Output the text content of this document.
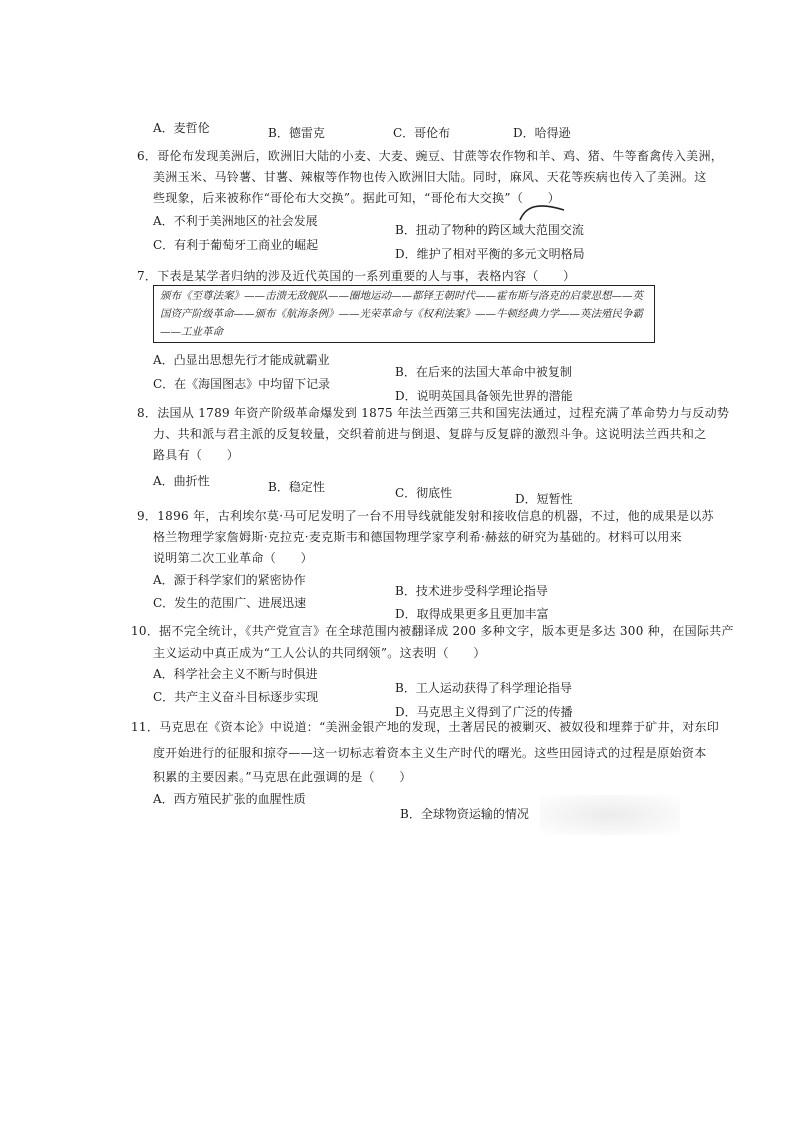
A．麦哲伦	B．德雷克	C．哥伦布	D．哈得逊
6．哥伦布发现美洲后，欧洲旧大陆的小麦、大麦、豌豆、甘蔗等农作物和羊、鸡、猪、牛等畜禽传入美洲，
美洲玉米、马铃薯、甘薯、辣椒等作物也传入欧洲旧大陆。同时，麻风、天花等疾病也传入了美洲。这
些现象，后来被称作“哥伦布大交换”。据此可知，“哥伦布大交换”（　　）
A．不利于美洲地区的社会发展
B．扭动了物种的跨区域大范围交流
C．有利于葡萄牙工商业的崛起
D．维护了相对平衡的多元文明格局
7．下表是某学者归纳的涉及近代英国的一系列重要的人与事，表格内容（　　）
颁布《至尊法案》——击溃无敌舰队——圈地运动——都铎王朝时代——霍布斯与洛克的启蒙思想——英
国资产阶级革命——颁布《航海条例》——光荣革命与《权利法案》——牛顿经典力学——英法殖民争霸
——工业革命
A．凸显出思想先行才能成就霸业
B．在后来的法国大革命中被复制
C．在《海国图志》中均留下记录
D．说明英国具备领先世界的潜能
8．法国从 1789 年资产阶级革命爆发到 1875 年法兰西第三共和国宪法通过，过程充满了革命势力与反动势
力、共和派与君主派的反复较量，交织着前进与倒退、复辟与反复辟的激烈斗争。这说明法兰西共和之
路具有（　　）
A．曲折性	B．稳定性	C．彻底性	D．短暂性
9．1896 年，古利埃尔莫·马可尼发明了一台不用导线就能发射和接收信息的机器，不过，他的成果是以苏
格兰物理学家詹姆斯·克拉克·麦克斯韦和德国物理学家亨利希·赫兹的研究为基础的。材料可以用来
说明第二次工业革命（　　）
A．源于科学家们的紧密协作
B．技术进步受科学理论指导
C．发生的范围广、进展迅速
D．取得成果更多且更加丰富
10．据不完全统计，《共产党宣言》在全球范围内被翻译成 200 多种文字，版本更是多达 300 种，在国际共产
主义运动中真正成为“工人公认的共同纲领”。这表明（　　）
A．科学社会主义不断与时俱进
B．工人运动获得了科学理论指导
C．共产主义奋斗目标逐步实现
D．马克思主义得到了广泛的传播
11．马克思在《资本论》中说道：“美洲金银产地的发现，土著居民的被剿灭、被奴役和埋葬于矿井，对东印
度开始进行的征服和掠夺——这一切标志着资本主义生产时代的曙光。这些田园诗式的过程是原始资本
积累的主要因素。”马克思在此强调的是（　　）
A．西方殖民扩张的血腥性质
B．全球物资运输的情况
